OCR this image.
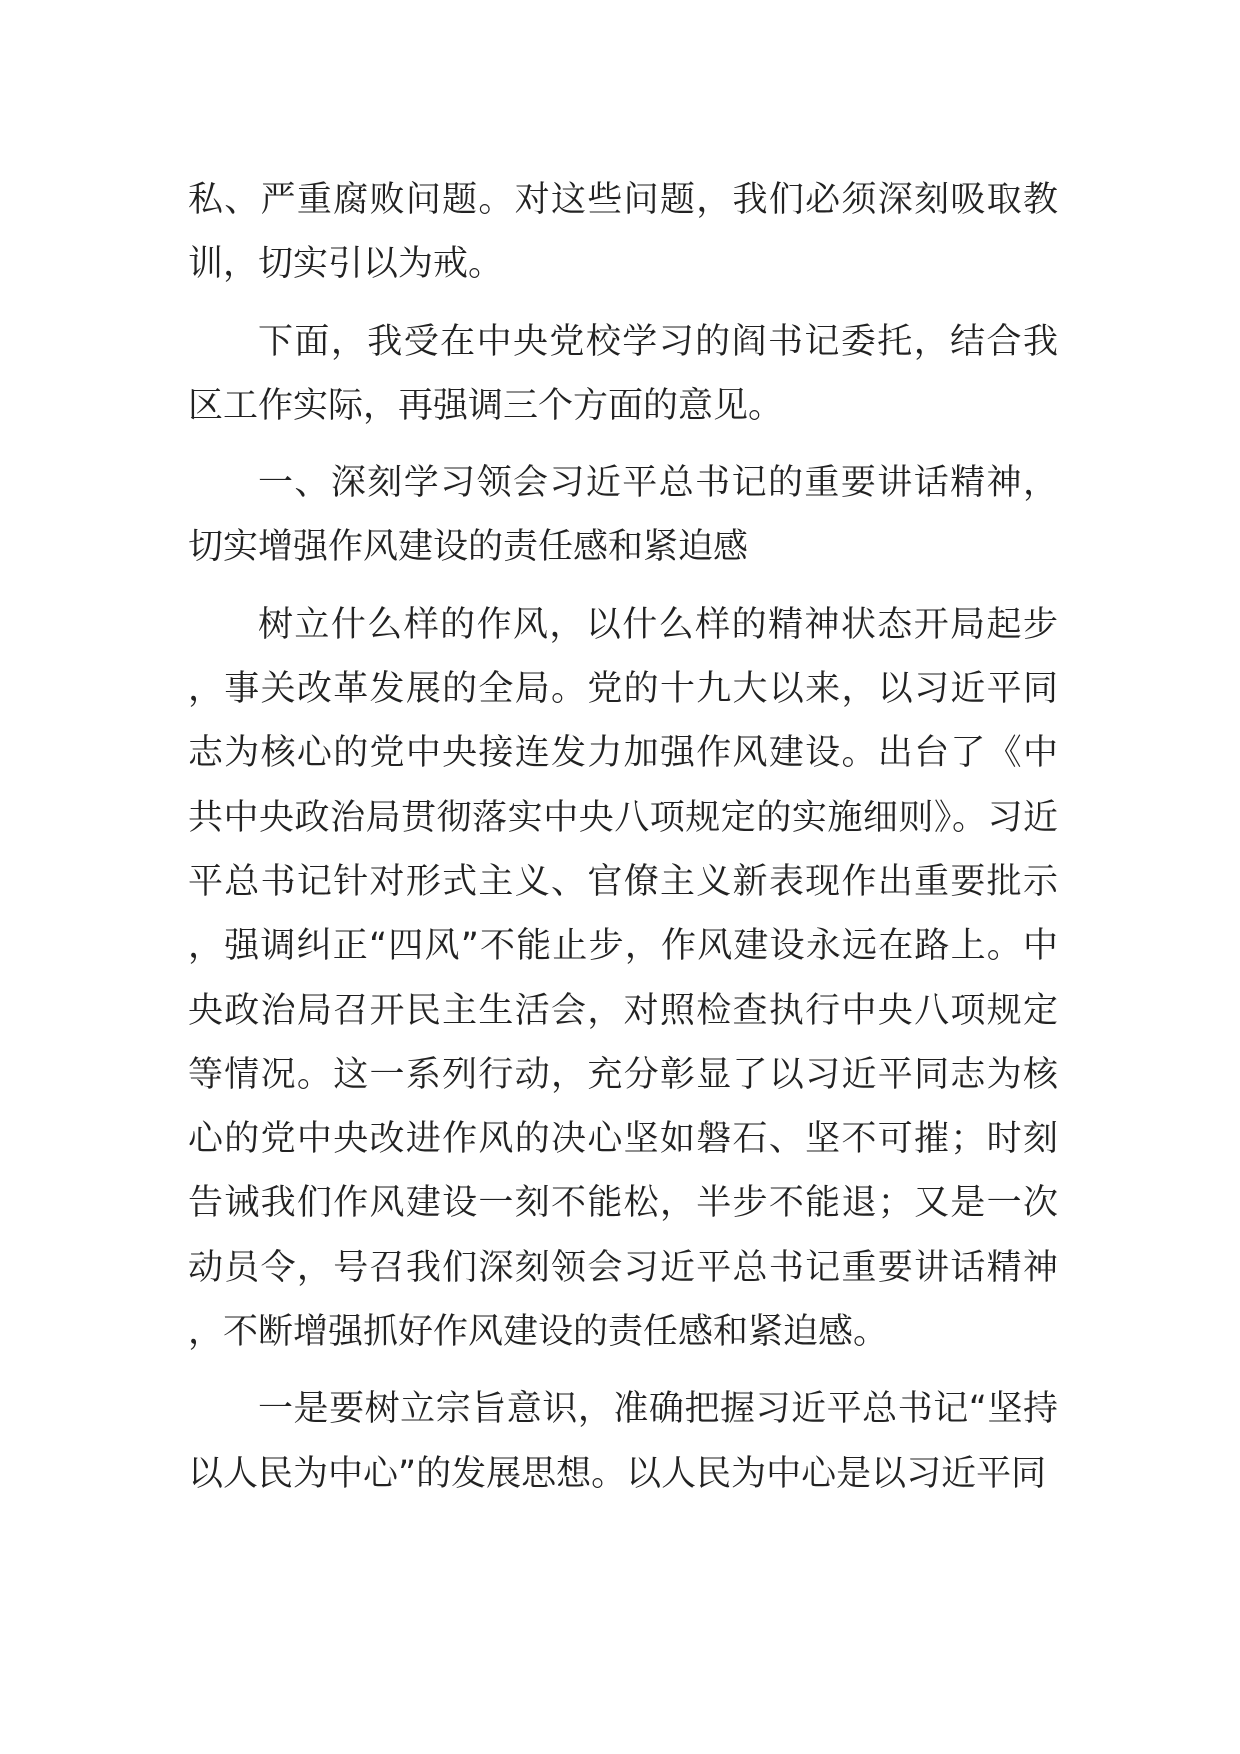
私、严重腐败问题。对这些问题，我们必须深刻吸取教训，切实引以为戒。

下面，我受在中央党校学习的阎书记委托，结合我区工作实际，再强调三个方面的意见。

一、深刻学习领会习近平总书记的重要讲话精神，切实增强作风建设的责任感和紧迫感

树立什么样的作风，以什么样的精神状态开局起步，事关改革发展的全局。党的十九大以来，以习近平同志为核心的党中央接连发力加强作风建设。出台了《中共中央政治局贯彻落实中央八项规定的实施细则》。习近平总书记针对形式主义、官僚主义新表现作出重要批示，强调纠正“四风”不能止步，作风建设永远在路上。中央政治局召开民主生活会，对照检查执行中央八项规定等情况。这一系列行动，充分彰显了以习近平同志为核心的党中央改进作风的决心坚如磐石、坚不可摧；时刻告诫我们作风建设一刻不能松，半步不能退；又是一次动员令，号召我们深刻领会习近平总书记重要讲话精神，不断增强抓好作风建设的责任感和紧迫感。

一是要树立宗旨意识，准确把握习近平总书记“坚持以人民为中心”的发展思想。以人民为中心是以习近平同
